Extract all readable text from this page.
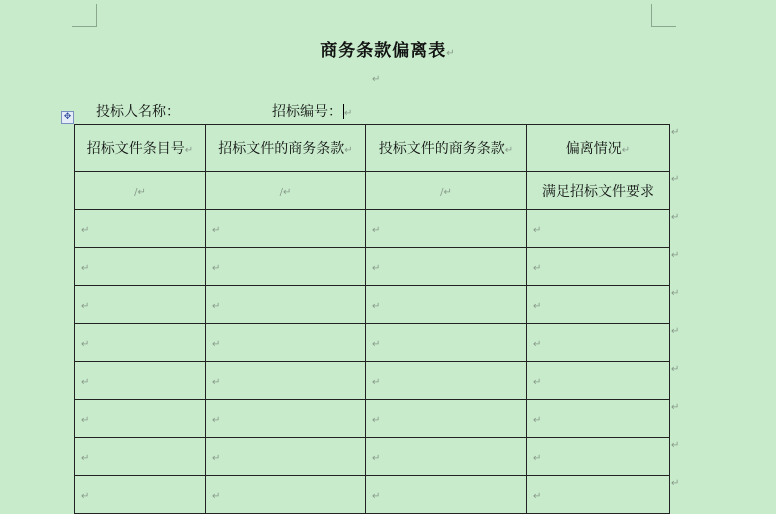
商务条款偏离表↵
↵
投标人名称：	招标编号： ↵
✥
招标文件条目号↵	招标文件的商务条款↵	投标文件的商务条款↵	偏离情况↵
/↵	/↵	/↵	满足招标文件要求
↵	↵	↵	↵
↵	↵	↵	↵
↵	↵	↵	↵
↵	↵	↵	↵
↵	↵	↵	↵
↵	↵	↵	↵
↵	↵	↵	↵
↵	↵	↵	↵
↵
↵
↵
↵
↵
↵
↵
↵
↵
↵
